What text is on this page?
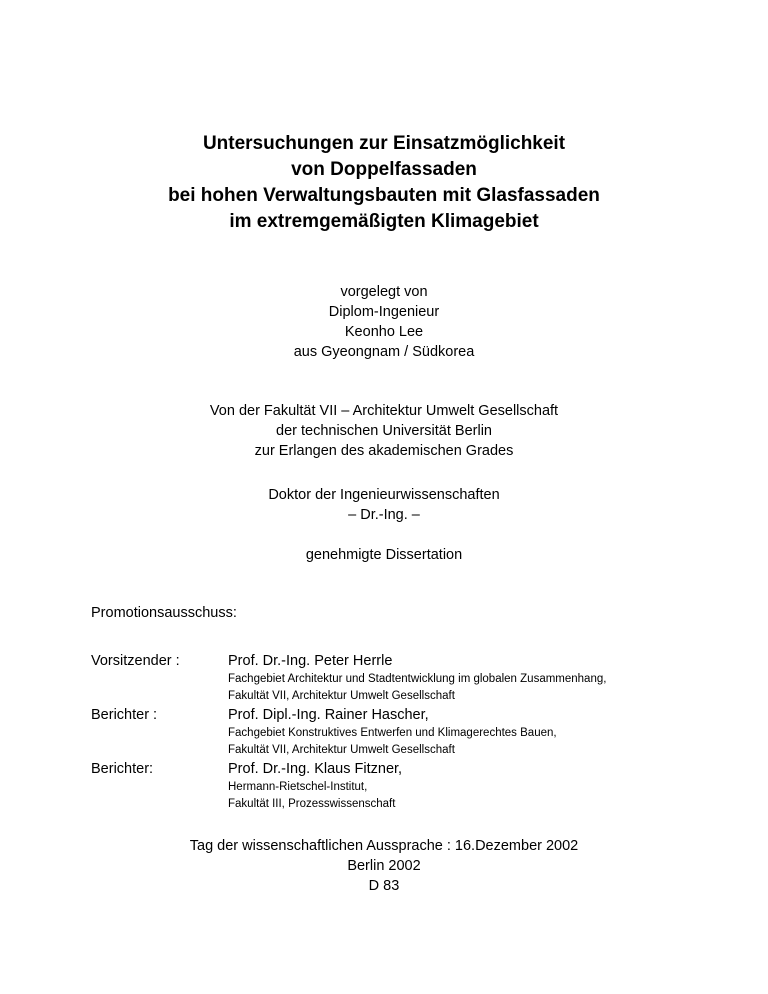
Untersuchungen zur Einsatzmöglichkeit
von Doppelfassaden
bei hohen Verwaltungsbauten mit Glasfassaden
im extremgemäßigten Klimagebiet
vorgelegt von
Diplom-Ingenieur
Keonho Lee
aus Gyeongnam / Südkorea
Von der Fakultät VII – Architektur Umwelt Gesellschaft
der technischen Universität Berlin
zur Erlangen des akademischen Grades
Doktor der Ingenieurwissenschaften
– Dr.-Ing. –
genehmigte Dissertation
Promotionsausschuss:
Vorsitzender :	Prof. Dr.-Ing. Peter Herrle
Fachgebiet Architektur und Stadtentwicklung im globalen Zusammenhang,
Fakultät VII, Architektur Umwelt Gesellschaft
Berichter :	Prof. Dipl.-Ing. Rainer Hascher,
Fachgebiet Konstruktives Entwerfen und Klimagerechtes Bauen,
Fakultät VII, Architektur Umwelt Gesellschaft
Berichter:	Prof. Dr.-Ing. Klaus Fitzner,
Hermann-Rietschel-Institut,
Fakultät III, Prozesswissenschaft
Tag der wissenschaftlichen Aussprache : 16.Dezember 2002
Berlin 2002
D 83
